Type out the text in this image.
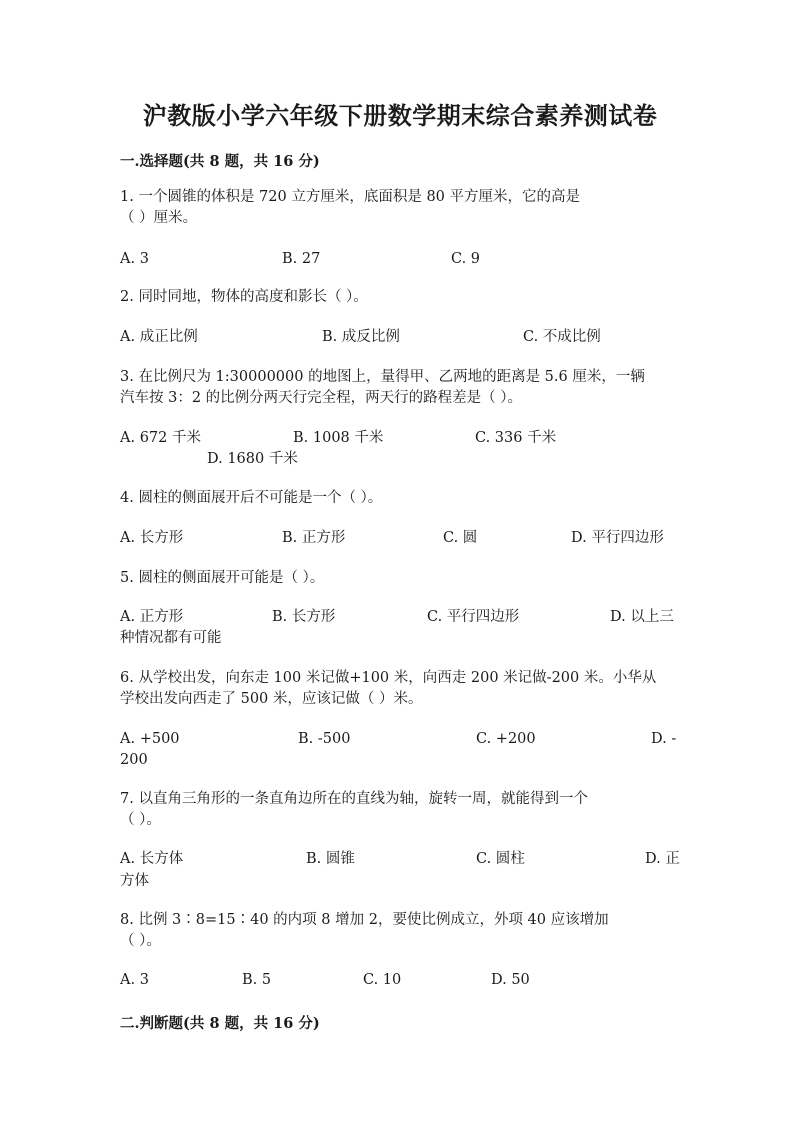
沪教版小学六年级下册数学期末综合素养测试卷
一.选择题(共 8 题，共 16 分)
1. 一个圆锥的体积是 720 立方厘米，底面积是 80 平方厘米，它的高是
（ ）厘米。
A. 3	B. 27	C. 9
2. 同时同地，物体的高度和影长（ ）。
A. 成正比例	B. 成反比例	C. 不成比例
3. 在比例尺为 1:30000000 的地图上，量得甲、乙两地的距离是 5.6 厘米，一辆
汽车按 3：2 的比例分两天行完全程，两天行的路程差是（ ）。
A. 672 千米	B. 1008 千米	C. 336 千米
D. 1680 千米
4. 圆柱的侧面展开后不可能是一个（ ）。
A. 长方形	B. 正方形	C. 圆	D. 平行四边形
5. 圆柱的侧面展开可能是（ ）。
A. 正方形	B. 长方形	C. 平行四边形	D. 以上三
种情况都有可能
6. 从学校出发，向东走 100 米记做+100 米，向西走 200 米记做-200 米。小华从
学校出发向西走了 500 米，应该记做（ ）米。
A. +500	B. -500	C. +200	D. -
200
7. 以直角三角形的一条直角边所在的直线为轴，旋转一周，就能得到一个
（ ）。
A. 长方体	B. 圆锥	C. 圆柱	D. 正
方体
8. 比例 3∶8=15∶40 的内项 8 增加 2，要使比例成立，外项 40 应该增加
（ ）。
A. 3	B. 5	C. 10	D. 50
二.判断题(共 8 题，共 16 分)
